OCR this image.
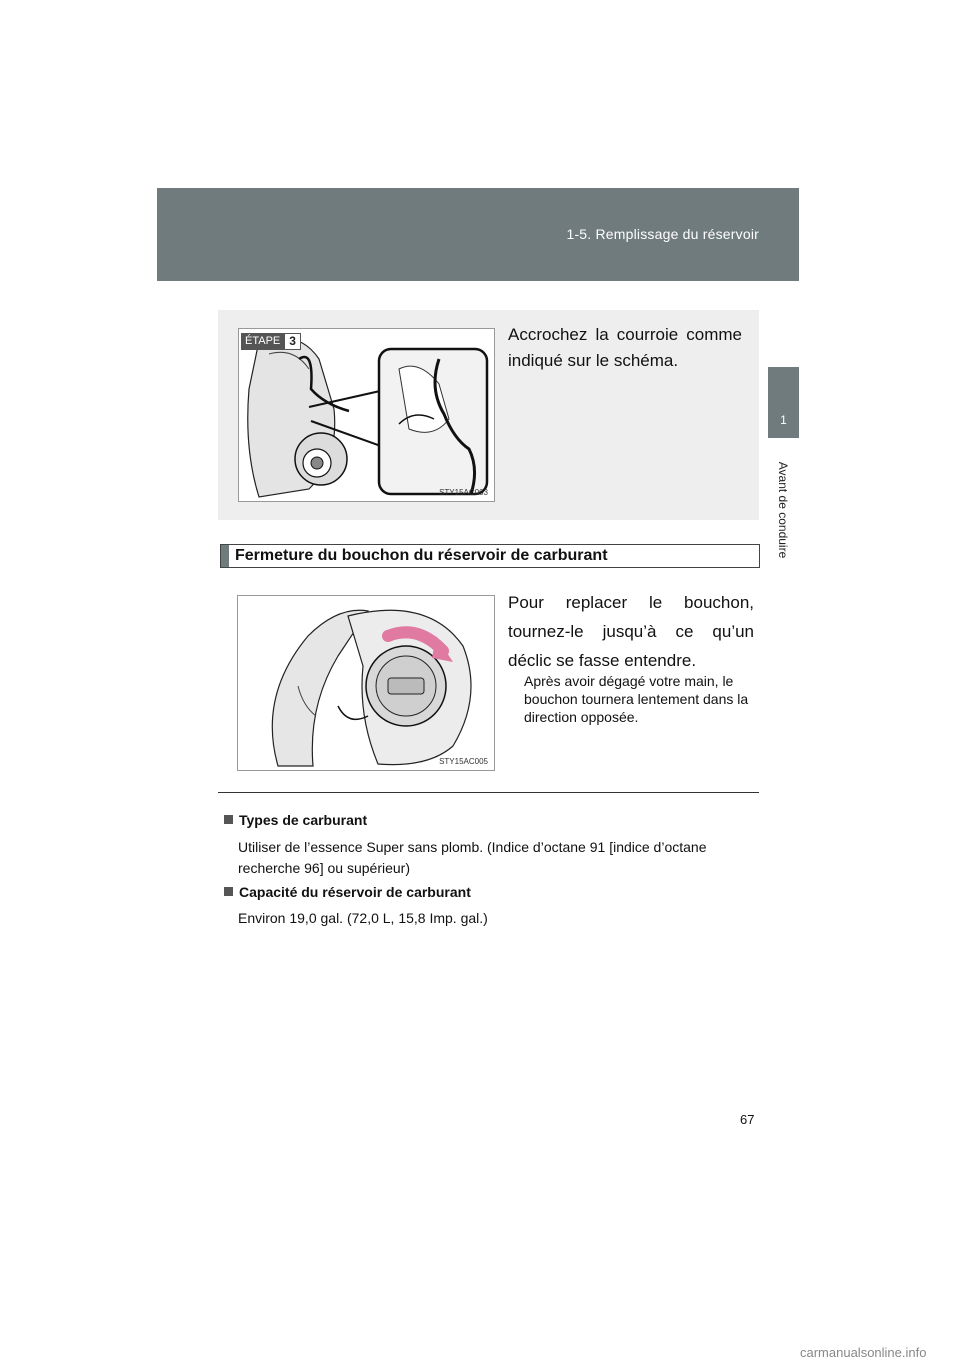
1-5. Remplissage du réservoir
1
Avant de conduire
ÉTAPE 3
STY15AC003
Accrochez la courroie comme indiqué sur le schéma.
Fermeture du bouchon du réservoir de carburant
STY15AC005
Pour replacer le bouchon, tournez-le jusqu’à ce qu’un déclic se fasse entendre.
Après avoir dégagé votre main, le bouchon tournera lentement dans la direction opposée.
Types de carburant
Utiliser de l’essence Super sans plomb. (Indice d’octane 91 [indice d’octane recherche 96] ou supérieur)
Capacité du réservoir de carburant
Environ 19,0 gal. (72,0 L, 15,8 Imp. gal.)
67
carmanualsonline.info
